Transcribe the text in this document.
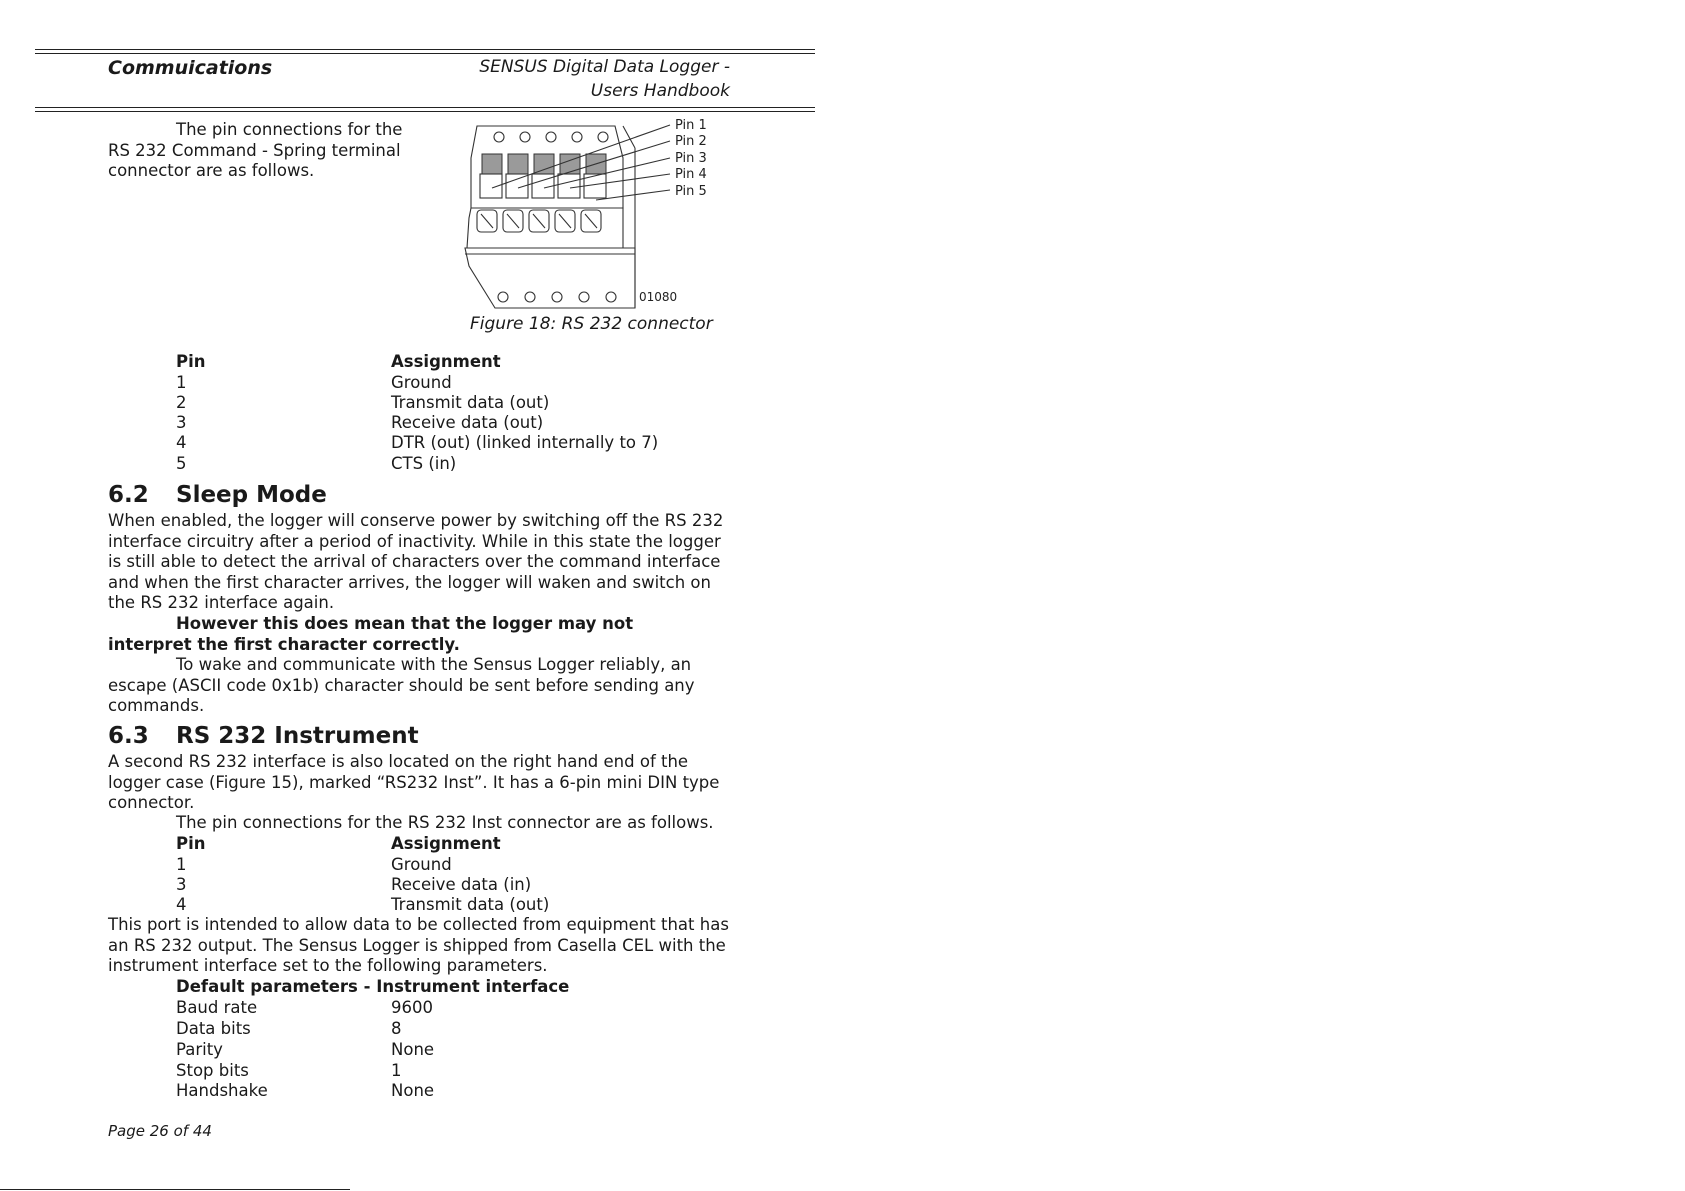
Commuications	SENSUS Digital Data Logger -
Users Handbook
The pin connections for the RS 232 Command - Spring terminal connector are as follows.
Pin 1
Pin 2
Pin 3
Pin 4
Pin 5
01080
Figure 18: RS 232 connector
Pin	Assignment
1	Ground
2	Transmit data (out)
3	Receive data (out)
4	DTR (out) (linked internally to 7)
5	CTS (in)
6.2 Sleep Mode
When enabled, the logger will conserve power by switching off the RS 232 interface circuitry after a period of inactivity. While in this state the logger is still able to detect the arrival of characters over the command interface and when the first character arrives, the logger will waken and switch on the RS 232 interface again.
However this does mean that the logger may not interpret the first character correctly.
To wake and communicate with the Sensus Logger reliably, an escape (ASCII code 0x1b) character should be sent before sending any commands.
6.3 RS 232 Instrument
A second RS 232 interface is also located on the right hand end of the logger case (Figure 15), marked “RS232 Inst”. It has a 6-pin mini DIN type connector.
The pin connections for the RS 232 Inst connector are as follows.
Pin	Assignment
1	Ground
3	Receive data (in)
4	Transmit data (out)
This port is intended to allow data to be collected from equipment that has an RS 232 output. The Sensus Logger is shipped from Casella CEL with the instrument interface set to the following parameters.
Default parameters - Instrument interface
Baud rate	9600
Data bits	8
Parity	None
Stop bits	1
Handshake	None
Page 26 of 44
